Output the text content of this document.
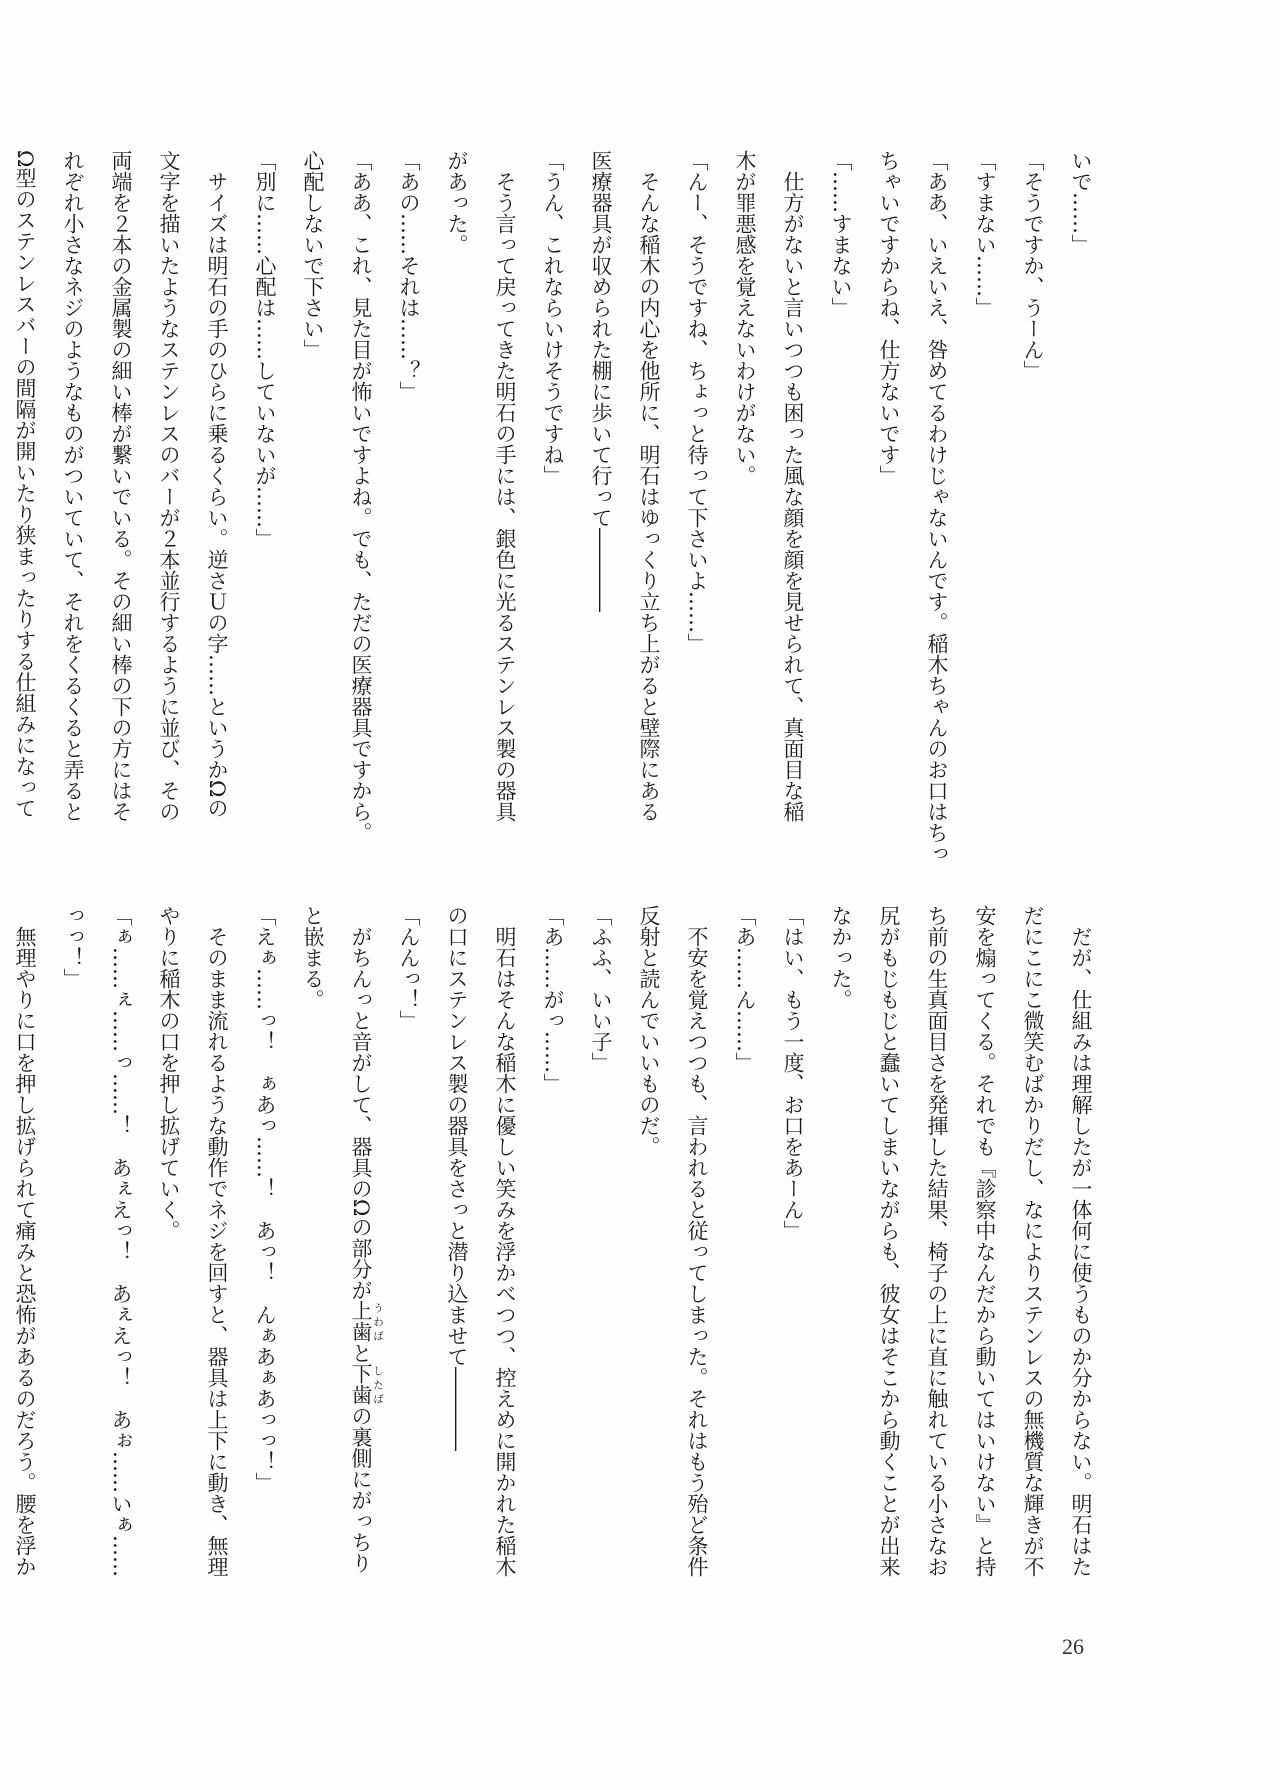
いで……」
「そうですか、うーん」
「すまない……」
「ああ、いえいえ、咎めてるわけじゃないんです。稲木ちゃんのお口はちっ
ちゃいですからね、仕方ないです」
「……すまない」
　仕方がないと言いつつも困った風な顔を顔を見せられて、真面目な稲
木が罪悪感を覚えないわけがない。
「んー、そうですね、ちょっと待って下さいよ……」
　そんな稲木の内心を他所に、明石はゆっくり立ち上がると壁際にある
医療器具が収められた棚に歩いて行って――――
「うん、これならいけそうですね」
　そう言って戻ってきた明石の手には、銀色に光るステンレス製の器具
があった。
「あの……それは……？」
「ああ、これ、見た目が怖いですよね。でも、ただの医療器具ですから。
心配しないで下さい」
「別に……心配は……していないが……」
　サイズは明石の手のひらに乗るくらい。逆さＵの字……というかΩの
文字を描いたようなステンレスのバーが２本並行するように並び、その
両端を２本の金属製の細い棒が繋いでいる。その細い棒の下の方にはそ
れぞれ小さなネジのようなものがついていて、それをくるくると弄ると
Ω型のステンレスバーの間隔が開いたり狭まったりする仕組みになって
　だが、仕組みは理解したが一体何に使うものか分からない。明石はた
だにこにこ微笑むばかりだし、なによりステンレスの無機質な輝きが不
安を煽ってくる。それでも『診察中なんだから動いてはいけない』と持
ち前の生真面目さを発揮した結果、椅子の上に直に触れている小さなお
尻がもじもじと蠢いてしまいながらも、彼女はそこから動くことが出来
なかった。
「はい、もう一度、お口をあーん」
「あ……ん……」
　不安を覚えつつも、言われると従ってしまった。それはもう殆ど条件
反射と読んでいいものだ。
「ふふ、いい子」
「あ……がっ……」
　明石はそんな稲木に優しい笑みを浮かべつつ、控えめに開かれた稲木
の口にステンレス製の器具をさっと潜り込ませて――――
「んんっ！」
　がちんっと音がして、器具のΩの部分が上歯 うわばと下歯 したばの裏側にがっちり
と嵌まる。
「えぁ……っ！　ぁあっ……！　あっ！　んぁあぁあっっ！」
　そのまま流れるような動作でネジを回すと、器具は上下に動き、無理
やりに稲木の口を押し拡げていく。
「ぁ……ぇ……っ……！　あぇえっ！　あぇえっ！　あぉ……いぁ……
っっ！」
　無理やりに口を押し拡げられて痛みと恐怖があるのだろう。腰を浮か
26
